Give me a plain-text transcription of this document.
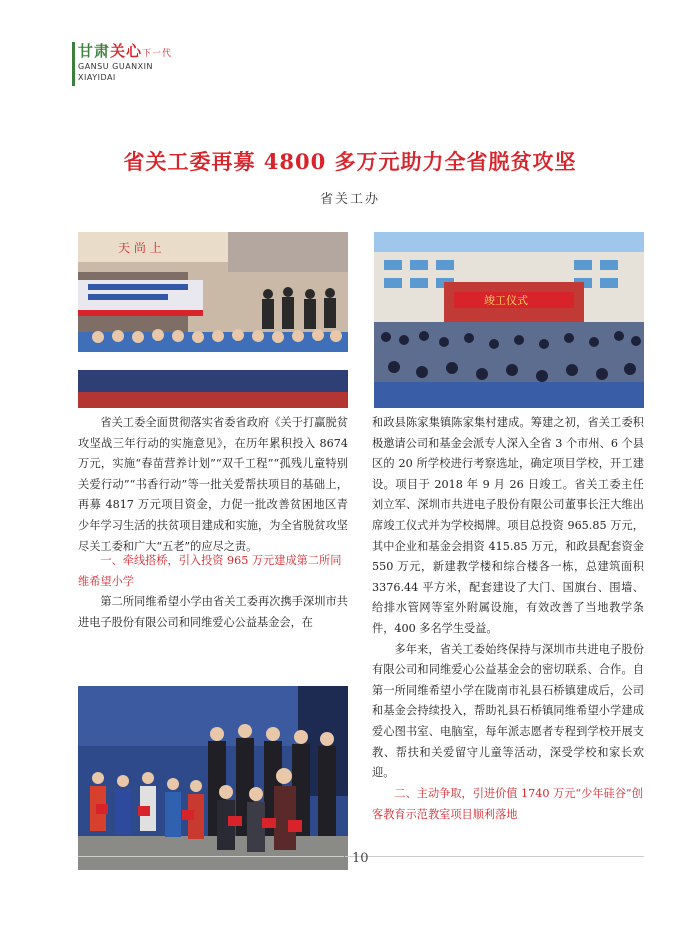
甘肃关心下一代
GANSU GUANXIN
XIAYIDAI
省关工委再募 4800 多万元助力全省脱贫攻坚
省关工办
天 尚 上
竣工仪式

省关工委全面贯彻落实省委省政府《关于打赢脱贫攻坚战三年行动的实施意见》，在历年累积投入 8674 万元，实施“春苗营养计划”“双千工程”“孤残儿童特别关爱行动”“书香行动”等一批关爱帮扶项目的基础上，再募 4817 万元项目资金，力促一批改善贫困地区青少年学习生活的扶贫项目建成和实施，为全省脱贫攻坚尽关工委和广大“五老”的应尽之责。

一、牵线搭桥，引入投资 965 万元建成第二所同维希望小学

第二所同维希望小学由省关工委再次携手深圳市共进电子股份有限公司和同维爱心公益基金会，在

和政县陈家集镇陈家集村建成。筹建之初，省关工委积极邀请公司和基金会派专人深入全省 3 个市州、6 个县区的 20 所学校进行考察选址，确定项目学校，开工建设。项目于 2018 年 9 月 26 日竣工。省关工委主任刘立军、深圳市共进电子股份有限公司董事长汪大维出席竣工仪式并为学校揭牌。项目总投资 965.85 万元，其中企业和基金会捐资 415.85 万元，和政县配套资金 550 万元，新建教学楼和综合楼各一栋，总建筑面积 3376.44 平方米，配套建设了大门、国旗台、围墙、给排水管网等室外附属设施，有效改善了当地教学条件，400 多名学生受益。

多年来，省关工委始终保持与深圳市共进电子股份有限公司和同维爱心公益基金会的密切联系、合作。自第一所同维希望小学在陇南市礼县石桥镇建成后，公司和基金会持续投入，帮助礼县石桥镇同维希望小学建成爱心图书室、电脑室，每年派志愿者专程到学校开展支教、帮扶和关爱留守儿童等活动，深受学校和家长欢迎。

二、主动争取，引进价值 1740 万元“少年硅谷”创客教育示范教室项目顺利落地

10
